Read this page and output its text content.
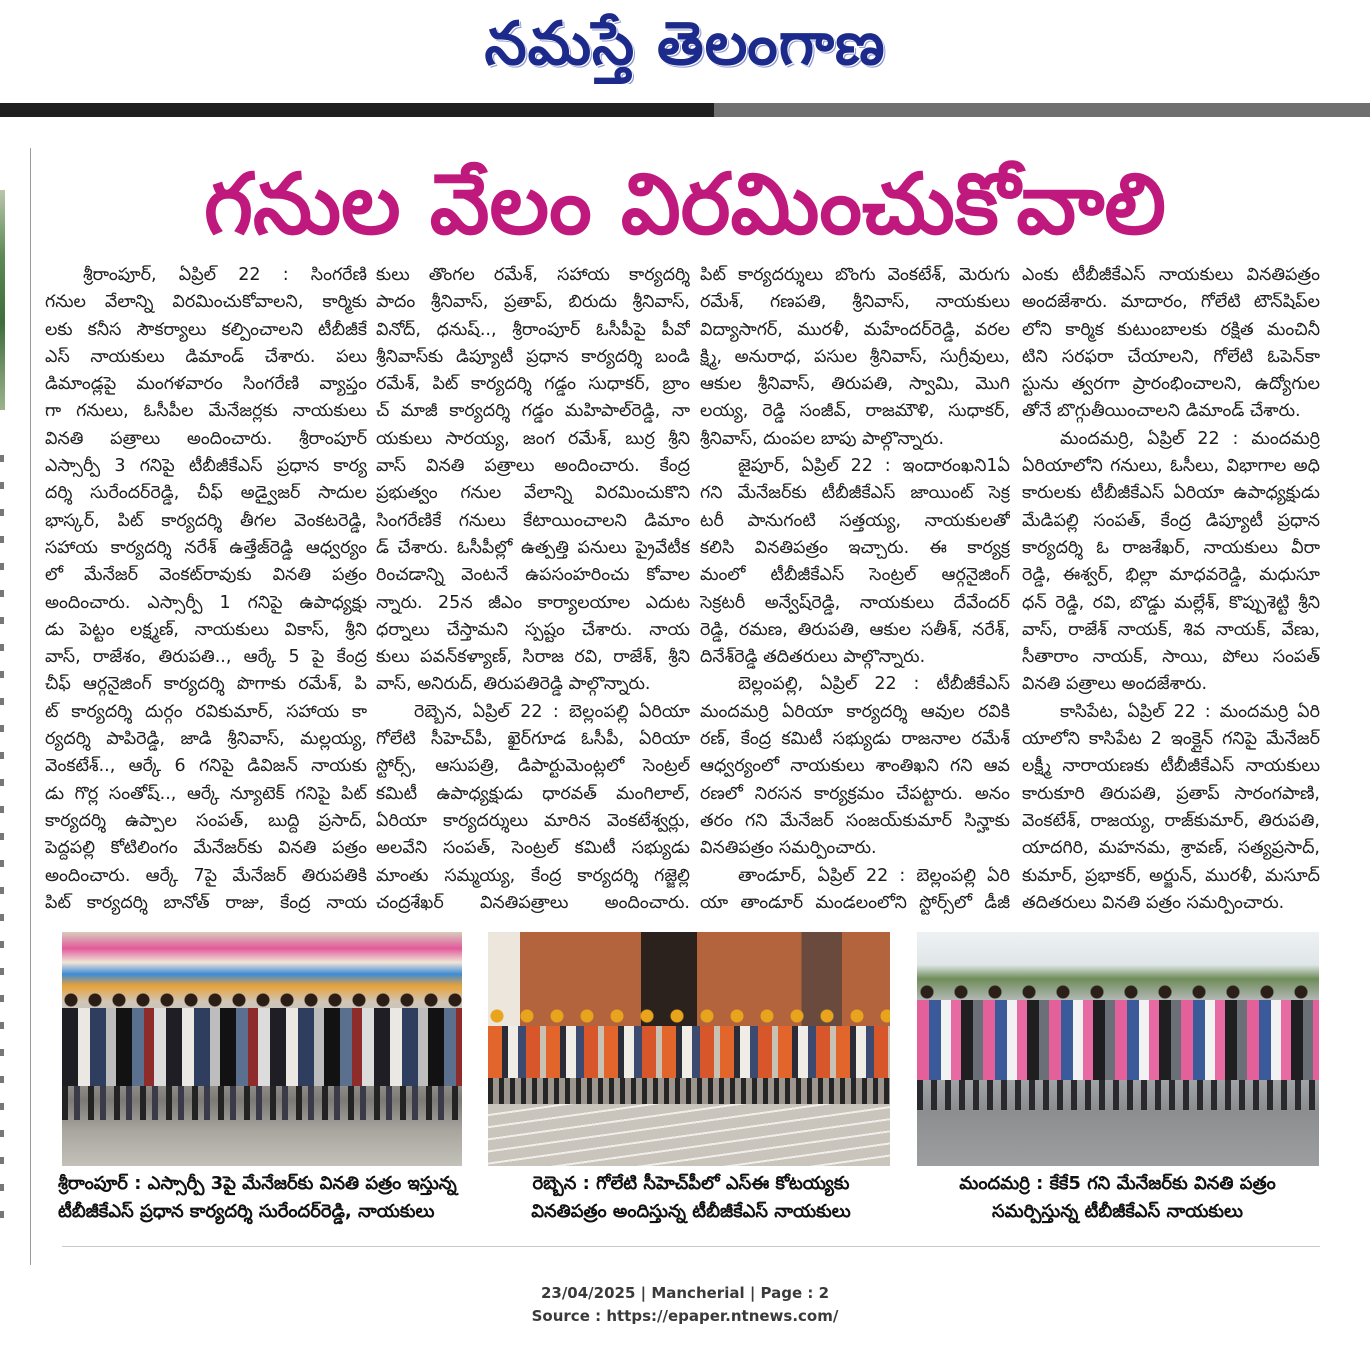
నమస్తే తెలంగాణ
గనుల వేలం విరమించుకోవాలి
శ్రీరాంపూర్, ఏప్రిల్ 22 : సింగరేణి
గనుల వేలాన్ని విరమించుకోవాలని, కార్మికు
లకు కనీస సౌకర్యాలు కల్పించాలని టీబీజీకే
ఎస్ నాయకులు డిమాండ్ చేశారు. పలు
డిమాండ్లపై మంగళవారం సింగరేణి వ్యాప్తం
గా గనులు, ఓసీపీల మేనేజర్లకు నాయకులు
వినతి పత్రాలు అందించారు. శ్రీరాంపూర్
ఎస్సార్పీ 3 గనిపై టీబీజీకేఎస్ ప్రధాన కార్య
దర్శి సురేందర్‌రెడ్డి, చీఫ్ అడ్వైజర్ సాదుల
భాస్కర్, పిట్ కార్యదర్శి తీగల వెంకటరెడ్డి,
సహాయ కార్యదర్శి నరేశ్ ఉత్తేజ్‌రెడ్డి ఆధ్వర్యం
లో మేనేజర్ వెంకట్‌రావుకు వినతి పత్రం
అందించారు. ఎస్సార్పీ 1 గనిపై ఉపాధ్యక్షు
డు పెట్టం లక్ష్మణ్, నాయకులు వికాస్, శ్రీని
వాస్, రాజేశం, తిరుపతి.., ఆర్కే 5 పై కేంద్ర
చీఫ్ ఆర్గనైజింగ్ కార్యదర్శి పొగాకు రమేశ్, పి
ట్ కార్యదర్శి దుర్గం రవికుమార్, సహాయ కా
ర్యదర్శి పాపిరెడ్డి, జాడి శ్రీనివాస్, మల్లయ్య,
వెంకటేశ్.., ఆర్కే 6 గనిపై డివిజన్ నాయకు
డు గొర్ల సంతోష్.., ఆర్కే న్యూటెక్ గనిపై పిట్
కార్యదర్శి ఉప్పాల సంపత్, బుద్ది ప్రసాద్,
పెద్దపల్లి కోటిలింగం మేనేజర్‌కు వినతి పత్రం
అందించారు. ఆర్కే 7పై మేనేజర్ తిరుపతికి
పిట్ కార్యదర్శి బానోత్ రాజు, కేంద్ర నాయ
కులు తొంగల రమేశ్, సహాయ కార్యదర్శి
పాదం శ్రీనివాస్, ప్రతాప్, బిరుదు శ్రీనివాస్,
వినోద్, ధనుష్.., శ్రీరాంపూర్ ఓసీపీపై పీవో
శ్రీనివాస్‌కు డిప్యూటీ ప్రధాన కార్యదర్శి బండి
రమేశ్, పిట్ కార్యదర్శి గడ్డం సుధాకర్, బ్రాం
చ్ మాజీ కార్యదర్శి గడ్డం మహిపాల్‌రెడ్డి, నా
యకులు సారయ్య, జంగ రమేశ్, బుర్ర శ్రీని
వాస్ వినతి పత్రాలు అందించారు. కేంద్ర
ప్రభుత్వం గనుల వేలాన్ని విరమించుకొని
సింగరేణికే గనులు కేటాయించాలని డిమాం
డ్ చేశారు. ఓసీపీల్లో ఉత్పత్తి పనులు ప్రైవేటీక
రించడాన్ని వెంటనే ఉపసంహరించు కోవాల
న్నారు. 25న జీఎం కార్యాలయాల ఎదుట
ధర్నాలు చేస్తామని స్పష్టం చేశారు. నాయ
కులు పవన్‌కళ్యాణ్, సిరాజ రవి, రాజేశ్, శ్రీని
వాస్, అనిరుద్, తిరుపతిరెడ్డి పాల్గొన్నారు.
రెబ్బెన, ఏప్రిల్ 22 : బెల్లంపల్లి ఏరియా
గోలేటి సీహెచ్‌పీ, ఖైర్‌గూడ ఓసీపీ, ఏరియా
స్టోర్స్, ఆసుపత్రి, డిపార్టుమెంట్లలో సెంట్రల్
కమిటీ ఉపాధ్యక్షుడు ధారవత్ మంగిలాల్,
ఏరియా కార్యదర్శులు మారిన వెంకటేశ్వర్లు,
అలవేని సంపత్, సెంట్రల్ కమిటీ సభ్యుడు
మాంతు సమ్మయ్య, కేంద్ర కార్యదర్శి గజ్జెల్లి
చంద్రశేఖర్ వినతిపత్రాలు అందించారు.
పిట్ కార్యదర్శులు బొంగు వెంకటేశ్, మెరుగు
రమేశ్, గణపతి, శ్రీనివాస్, నాయకులు
విద్యాసాగర్, మురళీ, మహేందర్‌రెడ్డి, వరల
క్ష్మి, అనురాధ, పసుల శ్రీనివాస్, సుగ్రీవులు,
ఆకుల శ్రీనివాస్, తిరుపతి, స్వామి, మొగి
లయ్య, రెడ్డి సంజీవ్, రాజమౌళి, సుధాకర్,
శ్రీనివాస్, దుంపల బాపు పాల్గొన్నారు.
జైపూర్, ఏప్రిల్ 22 : ఇందారంఖని1ఏ
గని మేనేజర్‌కు టీబీజీకేఎస్ జాయింట్ సెక్ర
టరీ పానుగంటి సత్తయ్య, నాయకులతో
కలిసి వినతిపత్రం ఇచ్చారు. ఈ కార్యక్ర
మంలో టీబీజీకేఎస్ సెంట్రల్ ఆర్గనైజింగ్
సెక్రటరీ అన్వేష్‌రెడ్డి, నాయకులు దేవేందర్
రెడ్డి, రమణ, తిరుపతి, ఆకుల సతీశ్, నరేశ్,
దినేశ్‌రెడ్డి తదితరులు పాల్గొన్నారు.
బెల్లంపల్లి, ఏప్రిల్ 22 : టీబీజీకేఎస్
మందమర్రి ఏరియా కార్యదర్శి ఆవుల రవికి
రణ్, కేంద్ర కమిటీ సభ్యుడు రాజనాల రమేశ్
ఆధ్వర్యంలో నాయకులు శాంతిఖని గని ఆవ
రణలో నిరసన కార్యక్రమం చేపట్టారు. అనం
తరం గని మేనేజర్ సంజయ్‌కుమార్ సిన్హాకు
వినతిపత్రం సమర్పించారు.
తాండూర్, ఏప్రిల్ 22 : బెల్లంపల్లి ఏరి
యా తాండూర్ మండలంలోని స్టోర్స్‌లో డీజీ
ఎంకు టీబీజీకేఎస్ నాయకులు వినతిపత్రం
అందజేశారు. మాదారం, గోలేటి టౌన్‌షిప్‌ల
లోని కార్మిక కుటుంబాలకు రక్షిత మంచినీ
టిని సరఫరా చేయాలని, గోలేటి ఓపెన్‌కా
స్టును త్వరగా ప్రారంభించాలని, ఉద్యోగుల
తోనే బొగ్గుతీయించాలని డిమాండ్ చేశారు.
మందమర్రి, ఏప్రిల్ 22 : మందమర్రి
ఏరియాలోని గనులు, ఓసీలు, విభాగాల అధి
కారులకు టీబీజీకేఎస్ ఏరియా ఉపాధ్యక్షుడు
మేడిపల్లి సంపత్, కేంద్ర డిప్యూటీ ప్రధాన
కార్యదర్శి ఓ రాజశేఖర్, నాయకులు వీరా
రెడ్డి, ఈశ్వర్, భిల్లా మాధవరెడ్డి, మధుసూ
ధన్ రెడ్డి, రవి, బొడ్డు మల్లేశ్, కొప్పుశెట్టి శ్రీని
వాస్, రాజేశ్ నాయక్, శివ నాయక్, వేణు,
సీతారాం నాయక్, సాయి, పోలు సంపత్
వినతి పత్రాలు అందజేశారు.
కాసిపేట, ఏప్రిల్ 22 : మందమర్రి ఏరి
యాలోని కాసిపేట 2 ఇంక్లైన్ గనిపై మేనేజర్
లక్ష్మీ నారాయణకు టీబీజీకేఎస్ నాయకులు
కారుకూరి తిరుపతి, ప్రతాప్ సారంగపాణి,
వెంకటేశ్, రాజయ్య, రాజ్‌కుమార్, తిరుపతి,
యాదగిరి, మహనమ, శ్రావణ్, సత్యప్రసాద్,
కుమార్, ప్రభాకర్, అర్జున్, మురళీ, మసూద్
తదితరులు వినతి పత్రం సమర్పించారు.
శ్రీరాంపూర్ : ఎస్సార్పీ 3పై మేనేజర్‌కు వినతి పత్రం ఇస్తున్న
టీబీజీకేఎస్ ప్రధాన కార్యదర్శి సురేందర్‌రెడ్డి, నాయకులు
రెబ్బెన : గోలేటి సీహెచ్‌పీలో ఎస్ఈ కోటయ్యకు
వినతిపత్రం అందిస్తున్న టీబీజీకేఎస్ నాయకులు
మందమర్రి : కేకే5 గని మేనేజర్‌కు వినతి పత్రం
సమర్పిస్తున్న టీబీజీకేఎస్ నాయకులు
23/04/2025 | Mancherial | Page : 2
Source : https://epaper.ntnews.com/
